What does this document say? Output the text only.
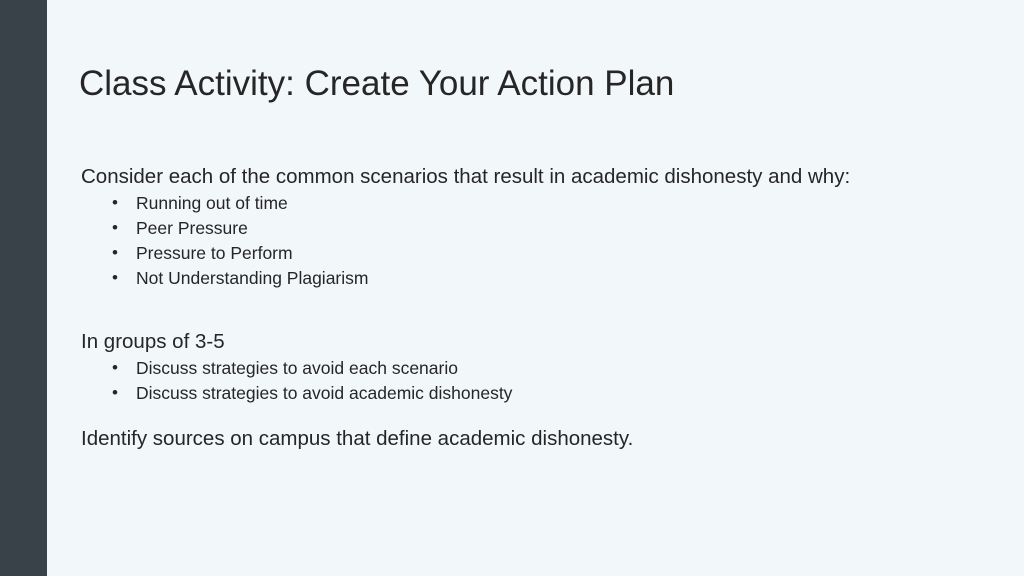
Class Activity: Create Your Action Plan

Consider each of the common scenarios that result in academic dishonesty and why:

• Running out of time
• Peer Pressure
• Pressure to Perform
• Not Understanding Plagiarism

In groups of 3-5

• Discuss strategies to avoid each scenario
• Discuss strategies to avoid academic dishonesty

Identify sources on campus that define academic dishonesty.
